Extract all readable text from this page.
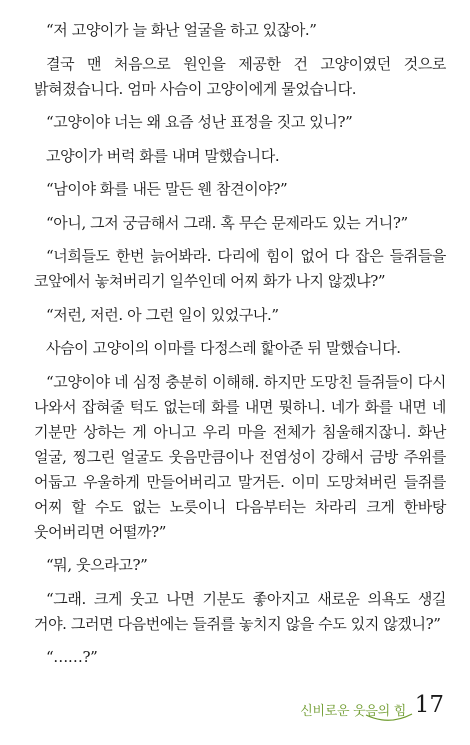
“저 고양이가 늘 화난 얼굴을 하고 있잖아.”

결국 맨 처음으로 원인을 제공한 건 고양이였던 것으로 밝혀졌습니다. 엄마 사슴이 고양이에게 물었습니다.

“고양이야 너는 왜 요즘 성난 표정을 짓고 있니?”

고양이가 버럭 화를 내며 말했습니다.

“남이야 화를 내든 말든 웬 참견이야?”

“아니, 그저 궁금해서 그래. 혹 무슨 문제라도 있는 거니?”

“너희들도 한번 늙어봐라. 다리에 힘이 없어 다 잡은 들쥐들을 코앞에서 놓쳐버리기 일쑤인데 어찌 화가 나지 않겠냐?”

“저런, 저런. 아 그런 일이 있었구나.”

사슴이 고양이의 이마를 다정스레 핥아준 뒤 말했습니다.

“고양이야 네 심정 충분히 이해해. 하지만 도망친 들쥐들이 다시 나와서 잡혀줄 턱도 없는데 화를 내면 뭣하니. 네가 화를 내면 네 기분만 상하는 게 아니고 우리 마을 전체가 침울해지잖니. 화난 얼굴, 찡그린 얼굴도 웃음만큼이나 전염성이 강해서 금방 주위를 어둡고 우울하게 만들어버리고 말거든. 이미 도망쳐버린 들쥐를 어찌 할 수도 없는 노릇이니 다음부터는 차라리 크게 한바탕 웃어버리면 어떨까?”

“뭐, 웃으라고?”

“그래. 크게 웃고 나면 기분도 좋아지고 새로운 의욕도 생길 거야. 그러면 다음번에는 들쥐를 놓치지 않을 수도 있지 않겠니?”

“……?”

신비로운 웃음의 힘 17
